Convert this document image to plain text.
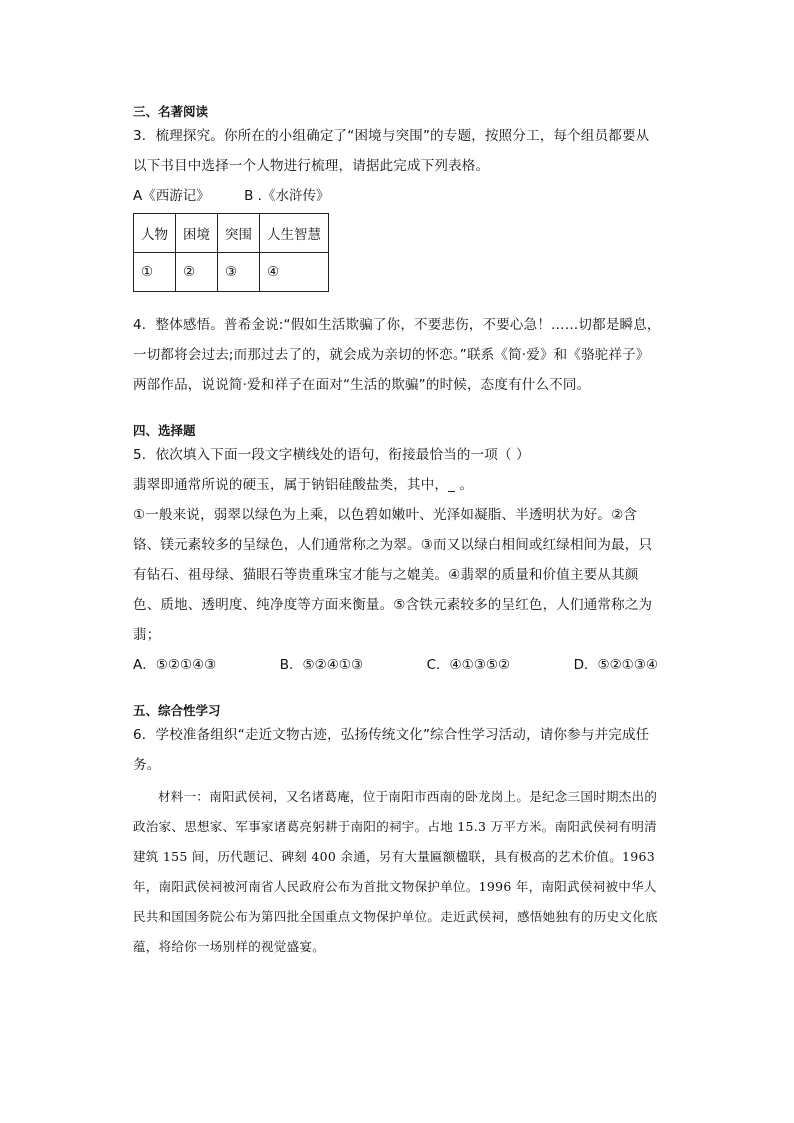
三、名著阅读

3．梳理探究。你所在的小组确定了“困境与突围”的专题，按照分工，每个组员都要从以下书目中选择一个人物进行梳理，请据此完成下列表格。

A《西游记》	B .《水浒传》

人物	困境	突围	人生智慧
①	②	③	④

4．整体感悟。普希金说:“假如生活欺骗了你，不要悲伤，不要心急！……切都是瞬息，一切都将会过去;而那过去了的，就会成为亲切的怀恋。”联系《简·爱》和《骆驼祥子》两部作品，说说简·爱和祥子在面对“生活的欺骗”的时候，态度有什么不同。

四、选择题

5．依次填入下面一段文字横线处的语句，衔接最恰当的一项（ ）

翡翠即通常所说的硬玉，属于钠铝硅酸盐类，其中，_ 。

①一般来说，弱翠以绿色为上乘，以色碧如嫩叶、光泽如凝脂、半透明状为好。②含铬、镁元素较多的呈绿色，人们通常称之为翠。③而又以绿白相间或红绿相间为最，只有钻石、祖母绿、猫眼石等贵重珠宝才能与之媲美。④翡翠的质量和价值主要从其颜色、质地、透明度、纯净度等方面来衡量。⑤含铁元素较多的呈红色，人们通常称之为翡；

A．⑤②①④③	B．⑤②④①③	C．④①③⑤②	D．⑤②①③④

五、综合性学习

6．学校准备组织“走近文物古迹，弘扬传统文化”综合性学习活动，请你参与并完成任务。

材料一：南阳武侯祠，又名诸葛庵，位于南阳市西南的卧龙岗上。是纪念三国时期杰出的政治家、思想家、军事家诸葛亮躬耕于南阳的祠宇。占地 15.3 万平方米。南阳武侯祠有明清建筑 155 间，历代题记、碑刻 400 余通，另有大量匾额楹联，具有极高的艺术价值。1963 年，南阳武侯祠被河南省人民政府公布为首批文物保护单位。1996 年，南阳武侯祠被中华人民共和国国务院公布为第四批全国重点文物保护单位。走近武侯祠，感悟她独有的历史文化底蕴，将给你一场别样的视觉盛宴。
